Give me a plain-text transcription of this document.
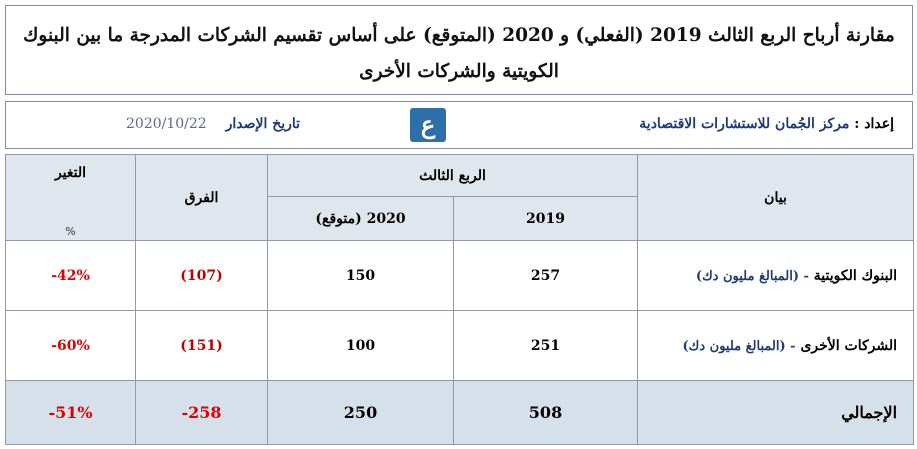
مقارنة أرباح الربع الثالث 2019 (الفعلي) و 2020 (المتوقع) على أساس تقسيم الشركات المدرجة ما بين البنوك الكويتية والشركات الأخرى
إعداد : مركز الجُمان للاستشارات الاقتصادية
تاريخ الإصدار 2020/10/22	ع
التغير
%	الفرق	الربع الثالث		بيان
		2020 (متوقع)	2019	
-42%	(107)	150	257	البنوك الكويتية - (المبالغ مليون دك)
-60%	(151)	100	251	الشركات الأخرى - (المبالغ مليون دك)
-51%	-258	250	508	الإجمالي
